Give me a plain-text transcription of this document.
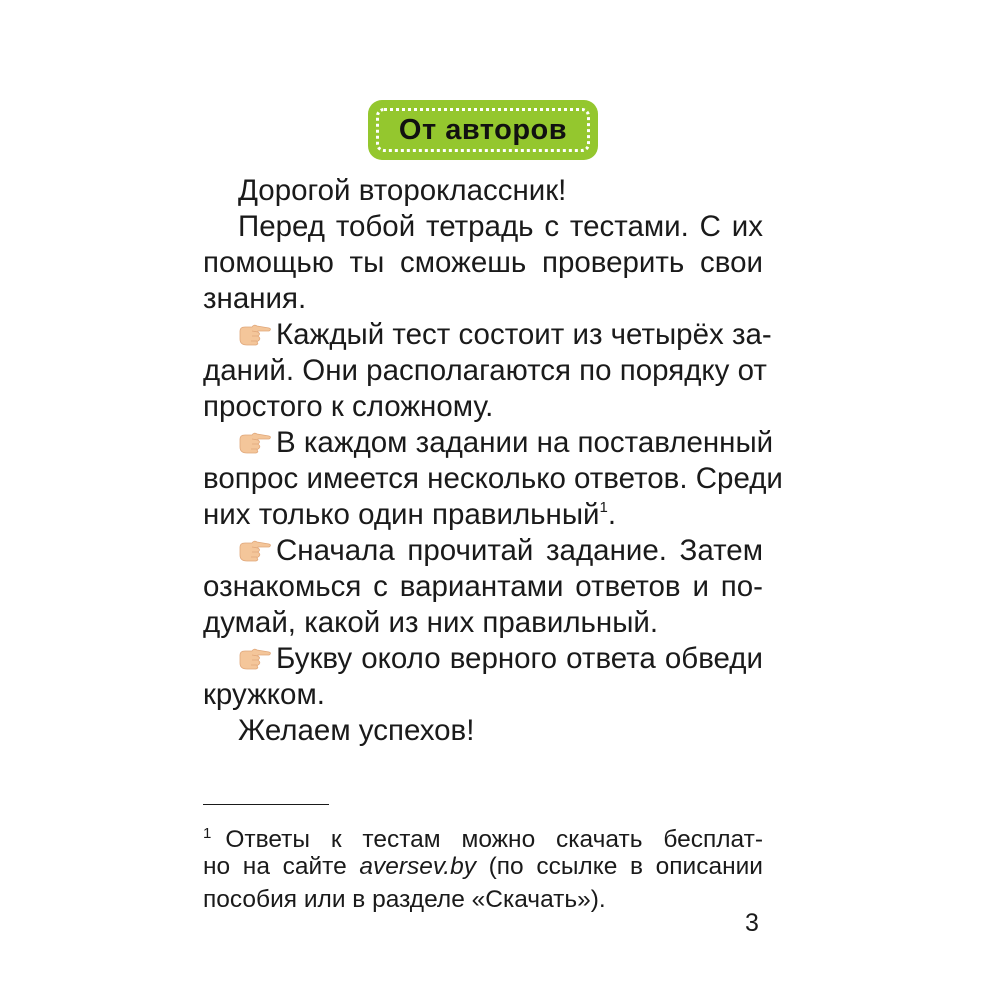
От авторов
Дорогой второклассник!
Перед тобой тетрадь с тестами. С их
помощью ты сможешь проверить свои
знания.
Каждый тест состоит из четырёх за-
даний. Они располагаются по порядку от
простого к сложному.
В каждом задании на поставленный
вопрос имеется несколько ответов. Среди
них только один правильный$^1$.
Сначала прочитай задание. Затем
ознакомься с вариантами ответов и по-
думай, какой из них правильный.
Букву около верного ответа обведи
кружком.
Желаем успехов!
$^1$ Ответы к тестам можно скачать бесплат-
но на сайте aversev.by (по ссылке в описании
пособия или в разделе «Скачать»).
3
